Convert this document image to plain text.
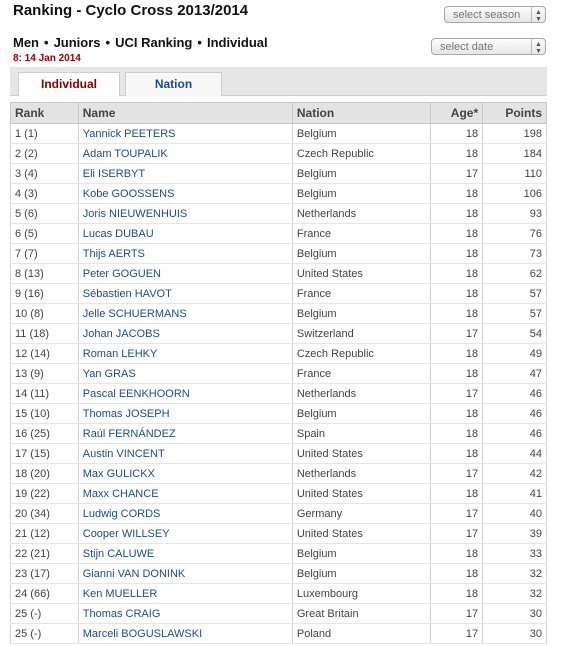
Ranking - Cyclo Cross 2013/2014	select season	▲
▼
Men • Juniors • UCI Ranking • Individual	select date	▲
▼
8: 14 Jan 2014
Individual	Nation
Rank	Name	Nation	Age*	Points
1 (1)	Yannick PEETERS	Belgium	18	198
2 (2)	Adam TOUPALIK	Czech Republic	18	184
3 (4)	Eli ISERBYT	Belgium	17	110
4 (3)	Kobe GOOSSENS	Belgium	18	106
5 (6)	Joris NIEUWENHUIS	Netherlands	18	93
6 (5)	Lucas DUBAU	France	18	76
7 (7)	Thijs AERTS	Belgium	18	73
8 (13)	Peter GOGUEN	United States	18	62
9 (16)	Sébastien HAVOT	France	18	57
10 (8)	Jelle SCHUERMANS	Belgium	18	57
11 (18)	Johan JACOBS	Switzerland	17	54
12 (14)	Roman LEHKY	Czech Republic	18	49
13 (9)	Yan GRAS	France	18	47
14 (11)	Pascal EENKHOORN	Netherlands	17	46
15 (10)	Thomas JOSEPH	Belgium	18	46
16 (25)	Raúl FERNÁNDEZ	Spain	18	46
17 (15)	Austin VINCENT	United States	18	44
18 (20)	Max GULICKX	Netherlands	17	42
19 (22)	Maxx CHANCE	United States	18	41
20 (34)	Ludwig CORDS	Germany	17	40
21 (12)	Cooper WILLSEY	United States	17	39
22 (21)	Stijn CALUWE	Belgium	18	33
23 (17)	Gianni VAN DONINK	Belgium	18	32
24 (66)	Ken MUELLER	Luxembourg	18	32
25 (-)	Thomas CRAIG	Great Britain	17	30
25 (-)	Marceli BOGUSLAWSKI	Poland	17	30
